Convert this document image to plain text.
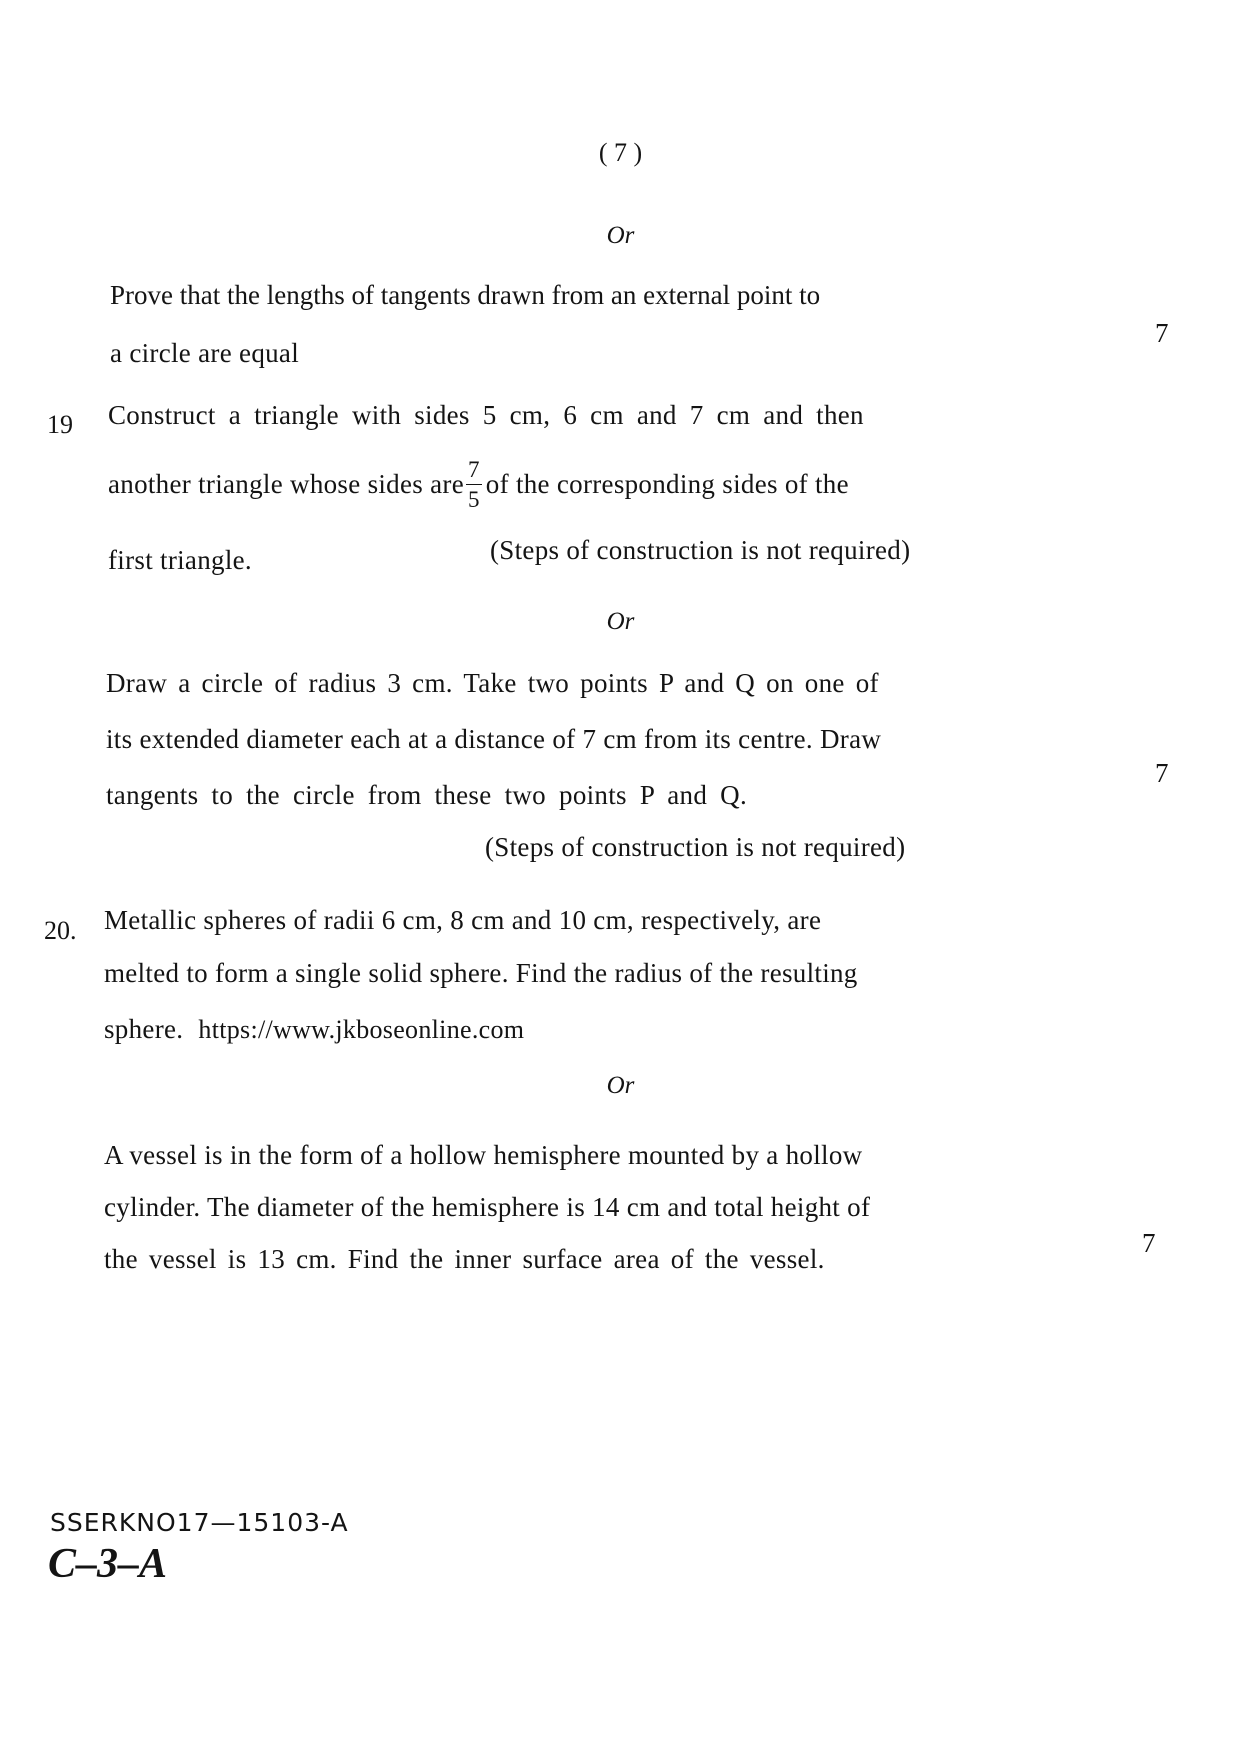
( 7 )
Or
Prove that the lengths of tangents drawn from an external point to
a circle are equal
7
19 Construct a triangle with sides 5 cm, 6 cm and 7 cm and then
another triangle whose sides are $\frac{7}{5}$ of the corresponding sides of the
first triangle.	(Steps of construction is not required)
Or
Draw a circle of radius 3 cm. Take two points P and Q on one of
its extended diameter each at a distance of 7 cm from its centre. Draw
tangents to the circle from these two points P and Q.
7
(Steps of construction is not required)
20. Metallic spheres of radii 6 cm, 8 cm and 10 cm, respectively, are
melted to form a single solid sphere. Find the radius of the resulting
sphere. https://www.jkboseonline.com
Or
A vessel is in the form of a hollow hemisphere mounted by a hollow
cylinder. The diameter of the hemisphere is 14 cm and total height of
the vessel is 13 cm. Find the inner surface area of the vessel.
7
SSERKNO17—15103-A
C–3–A
